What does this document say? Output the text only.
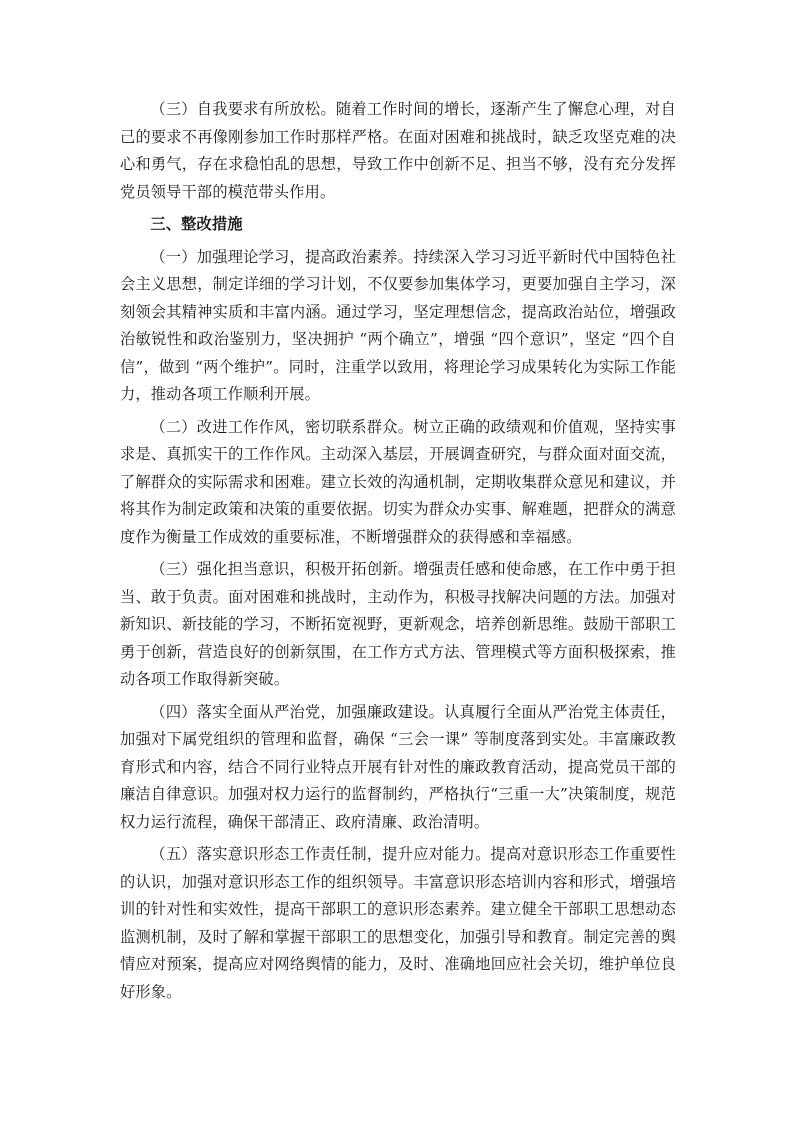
（三）自我要求有所放松。随着工作时间的增长，逐渐产生了懈怠心理，对自己的要求不再像刚参加工作时那样严格。在面对困难和挑战时，缺乏攻坚克难的决心和勇气，存在求稳怕乱的思想，导致工作中创新不足、担当不够，没有充分发挥党员领导干部的模范带头作用。

三、整改措施

（一）加强理论学习，提高政治素养。持续深入学习习近平新时代中国特色社会主义思想，制定详细的学习计划，不仅要参加集体学习，更要加强自主学习，深刻领会其精神实质和丰富内涵。通过学习，坚定理想信念，提高政治站位，增强政治敏锐性和政治鉴别力，坚决拥护 “两个确立”，增强 “四个意识”，坚定 “四个自信”，做到 “两个维护”。同时，注重学以致用，将理论学习成果转化为实际工作能力，推动各项工作顺利开展。

（二）改进工作作风，密切联系群众。树立正确的政绩观和价值观，坚持实事求是、真抓实干的工作作风。主动深入基层，开展调查研究，与群众面对面交流，了解群众的实际需求和困难。建立长效的沟通机制，定期收集群众意见和建议，并将其作为制定政策和决策的重要依据。切实为群众办实事、解难题，把群众的满意度作为衡量工作成效的重要标准，不断增强群众的获得感和幸福感。

（三）强化担当意识，积极开拓创新。增强责任感和使命感，在工作中勇于担当、敢于负责。面对困难和挑战时，主动作为，积极寻找解决问题的方法。加强对新知识、新技能的学习，不断拓宽视野，更新观念，培养创新思维。鼓励干部职工勇于创新，营造良好的创新氛围，在工作方式方法、管理模式等方面积极探索，推动各项工作取得新突破。

（四）落实全面从严治党，加强廉政建设。认真履行全面从严治党主体责任，加强对下属党组织的管理和监督，确保 “三会一课” 等制度落到实处。丰富廉政教育形式和内容，结合不同行业特点开展有针对性的廉政教育活动，提高党员干部的廉洁自律意识。加强对权力运行的监督制约，严格执行“三重一大”决策制度，规范权力运行流程，确保干部清正、政府清廉、政治清明。

（五）落实意识形态工作责任制，提升应对能力。提高对意识形态工作重要性的认识，加强对意识形态工作的组织领导。丰富意识形态培训内容和形式，增强培训的针对性和实效性，提高干部职工的意识形态素养。建立健全干部职工思想动态监测机制，及时了解和掌握干部职工的思想变化，加强引导和教育。制定完善的舆情应对预案，提高应对网络舆情的能力，及时、准确地回应社会关切，维护单位良好形象。
